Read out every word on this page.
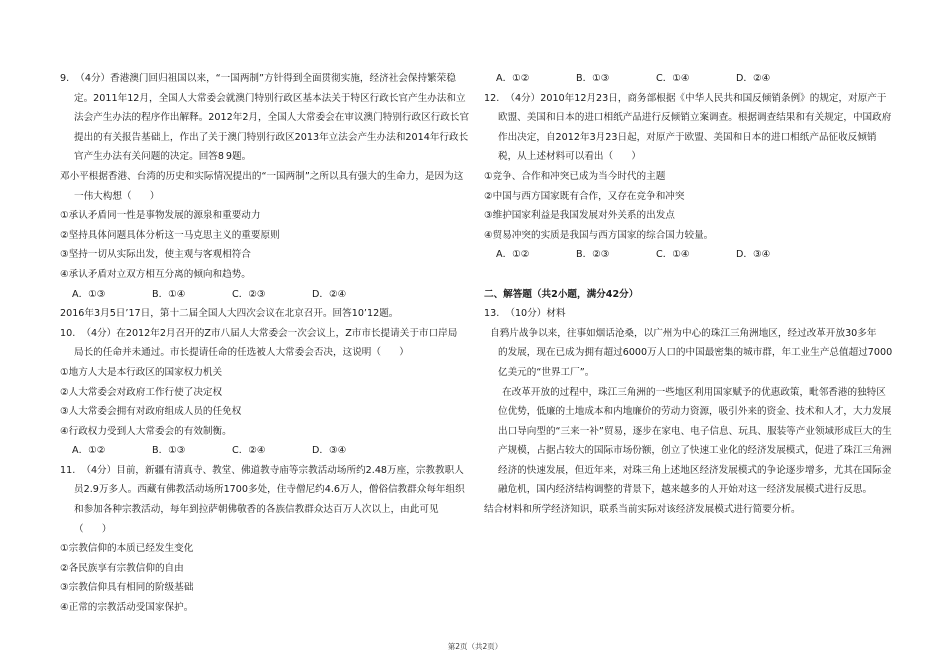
9.  （4分）香港澳门回归祖国以来，“一国两制”方针得到全面贯彻实施，经济社会保持繁荣稳
定。2011年12月，全国人大常委会就澳门特别行政区基本法关于特区行政长官产生办法和立
法会产生办法的程序作出解释。2012年2月，全国人大常委会在审议澳门特别行政区行政长官
提出的有关报告基础上，作出了关于澳门特别行政区2013年立法会产生办法和2014年行政长
官产生办法有关问题的决定。回答8 9题。
邓小平根据香港、台湾的历史和实际情况提出的“一国两制”之所以具有强大的生命力，是因为这
一伟大构想（      ）
①承认矛盾同一性是事物发展的源泉和重要动力
②坚持具体问题具体分析这一马克思主义的重要原则
③坚持一切从实际出发，使主观与客观相符合
④承认矛盾对立双方相互分离的倾向和趋势。
A．①③	B．①④	C．②③	D．②④
2016年3月5日’17日，第十二届全国人大四次会议在北京召开。回答10’12题。
10.  （4分）在2012年2月召开的Z市八届人大常委会一次会议上，Z市市长提请关于市口岸局
局长的任命并未通过。市长提请任命的任选被人大常委会否决，这说明（      ）
①地方人大是本行政区的国家权力机关
②人大常委会对政府工作行使了决定权
③人大常委会拥有对政府组成人员的任免权
④行政权力受到人大常委会的有效制衡。
A．①②	B．①③	C．②④	D．③④
11.  （4分）目前，新疆有清真寺、教堂、佛道教寺庙等宗教活动场所约2.48万座，宗教教职人
员2.9万多人。西藏有佛教活动场所1700多处，住寺僧尼约4.6万人，僧俗信教群众每年组织
和参加各种宗教活动，每年到拉萨朝佛敬香的各族信教群众达百万人次以上，由此可见
（      ）
①宗教信仰的本质已经发生变化
②各民族享有宗教信仰的自由
③宗教信仰具有相同的阶级基础
④正常的宗教活动受国家保护。
A．①②	B．①③	C．①④	D．②④
12.  （4分）2010年12月23日，商务部根据《中华人民共和国反倾销条例》的规定，对原产于
欧盟、美国和日本的进口相纸产品进行反倾销立案调查。根据调查结果和有关规定，中国政府
作出决定，自2012年3月23日起，对原产于欧盟、美国和日本的进口相纸产品征收反倾销
税，从上述材料可以看出（      ）
①竞争、合作和冲突已成为当今时代的主题
②中国与西方国家既有合作，又存在竞争和冲突
③维护国家利益是我国发展对外关系的出发点
④贸易冲突的实质是我国与西方国家的综合国力较量。
A．①②	B．②③	C．①④	D．③④
二、解答题（共2小题，满分42分）
13.  （10分）材料
自鸦片战争以来，往事如烟话沧桑，以广州为中心的珠江三角洲地区，经过改革开放30多年
的发展，现在已成为拥有超过6000万人口的中国最密集的城市群，年工业生产总值超过7000
亿美元的“世界工厂”。
在改革开放的过程中，珠江三角洲的一些地区利用国家赋予的优惠政策，毗邻香港的独特区
位优势，低廉的土地成本和内地廉价的劳动力资源，吸引外来的资金、技术和人才，大力发展
出口导向型的“三来一补”贸易，逐步在家电、电子信息、玩具、服装等产业领域形成巨大的生
产规模，占据占较大的国际市场份额，创立了快速工业化的经济发展模式，促进了珠江三角洲
经济的快速发展，但近年来，对珠三角上述地区经济发展模式的争论逐步增多，尤其在国际金
融危机，国内经济结构调整的背景下，越来越多的人开始对这一经济发展模式进行反思。
结合材料和所学经济知识，联系当前实际对该经济发展模式进行简要分析。
第2页（共2页）
